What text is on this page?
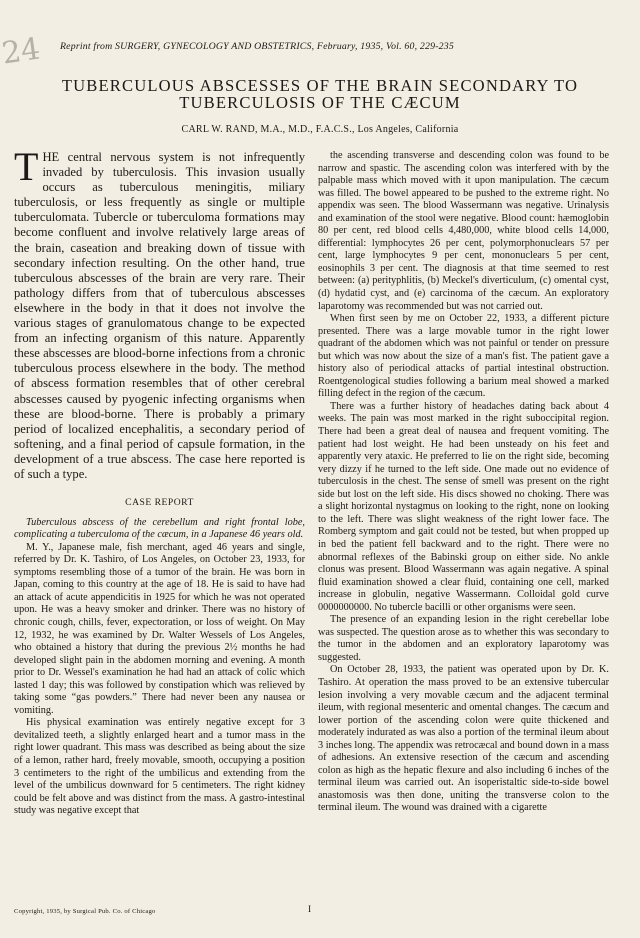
24 Reprint from SURGERY, GYNECOLOGY AND OBSTETRICS, February, 1935, Vol. 60, 229-235
TUBERCULOUS ABSCESSES OF THE BRAIN SECONDARY TO
TUBERCULOSIS OF THE CÆCUM
CARL W. RAND, M.A., M.D., F.A.C.S., Los Angeles, California

THE central nervous system is not infrequently invaded by tuberculosis. This invasion usually occurs as tuberculous meningitis, miliary tuberculosis, or less frequently as single or multiple tuberculomata. Tubercle or tuberculoma formations may become confluent and involve relatively large areas of the brain, caseation and breaking down of tissue with secondary infection resulting. On the other hand, true tuberculous abscesses of the brain are very rare. Their pathology differs from that of tuberculous abscesses elsewhere in the body in that it does not involve the various stages of granulomatous change to be expected from an infecting organism of this nature. Apparently these abscesses are blood-borne infections from a chronic tuberculous process elsewhere in the body. The method of abscess formation resembles that of other cerebral abscesses caused by pyogenic infecting organisms when these are blood-borne. There is probably a primary period of localized encephalitis, a secondary period of softening, and a final period of capsule formation, in the development of a true abscess. The case here reported is of such a type.

CASE REPORT

Tuberculous abscess of the cerebellum and right frontal lobe, complicating a tuberculoma of the cæcum, in a Japanese 46 years old.

M. Y., Japanese male, fish merchant, aged 46 years and single, referred by Dr. K. Tashiro, of Los Angeles, on October 23, 1933, for symptoms resembling those of a tumor of the brain. He was born in Japan, coming to this country at the age of 18. He is said to have had an attack of acute appendicitis in 1925 for which he was not operated upon. He was a heavy smoker and drinker. There was no history of chronic cough, chills, fever, expectoration, or loss of weight. On May 12, 1932, he was examined by Dr. Walter Wessels of Los Angeles, who obtained a history that during the previous 2½ months he had developed slight pain in the abdomen morning and evening. A month prior to Dr. Wessel's examination he had had an attack of colic which lasted 1 day; this was followed by constipation which was relieved by taking some “gas powders.” There had never been any nausea or vomiting.

His physical examination was entirely negative except for 3 devitalized teeth, a slightly enlarged heart and a tumor mass in the right lower quadrant. This mass was described as being about the size of a lemon, rather hard, freely movable, smooth, occupying a position 3 centimeters to the right of the umbilicus and extending from the level of the umbilicus downward for 5 centimeters. The right kidney could be felt above and was distinct from the mass. A gastro-intestinal study was negative except that

the ascending transverse and descending colon was found to be narrow and spastic. The ascending colon was interfered with by the palpable mass which moved with it upon manipulation. The cæcum was filled. The bowel appeared to be pushed to the extreme right. No appendix was seen. The blood Wassermann was negative. Urinalysis and examination of the stool were negative. Blood count: hæmoglobin 80 per cent, red blood cells 4,480,000, white blood cells 14,000, differential: lymphocytes 26 per cent, polymorphonuclears 57 per cent, large lymphocytes 9 per cent, mononuclears 5 per cent, eosinophils 3 per cent. The diagnosis at that time seemed to rest between: (a) perityphlitis, (b) Meckel's diverticulum, (c) omental cyst, (d) hydatid cyst, and (e) carcinoma of the cæcum. An exploratory laparotomy was recommended but was not carried out.

When first seen by me on October 22, 1933, a different picture presented. There was a large movable tumor in the right lower quadrant of the abdomen which was not painful or tender on pressure but which was now about the size of a man's fist. The patient gave a history also of periodical attacks of partial intestinal obstruction. Roentgenological studies following a barium meal showed a marked filling defect in the region of the cæcum.

There was a further history of headaches dating back about 4 weeks. The pain was most marked in the right suboccipital region. There had been a great deal of nausea and frequent vomiting. The patient had lost weight. He had been unsteady on his feet and apparently very ataxic. He preferred to lie on the right side, becoming very dizzy if he turned to the left side. One made out no evidence of tuberculosis in the chest. The sense of smell was present on the right side but lost on the left side. His discs showed no choking. There was a slight horizontal nystagmus on looking to the right, none on looking to the left. There was slight weakness of the right lower face. The Romberg symptom and gait could not be tested, but when propped up in bed the patient fell backward and to the right. There were no abnormal reflexes of the Babinski group on either side. No ankle clonus was present. Blood Wassermann was again negative. A spinal fluid examination showed a clear fluid, containing one cell, marked increase in globulin, negative Wassermann. Colloidal gold curve 0000000000. No tubercle bacilli or other organisms were seen.

The presence of an expanding lesion in the right cerebellar lobe was suspected. The question arose as to whether this was secondary to the tumor in the abdomen and an exploratory laparotomy was suggested.

On October 28, 1933, the patient was operated upon by Dr. K. Tashiro. At operation the mass proved to be an extensive tubercular lesion involving a very movable cæcum and the adjacent terminal ileum, with regional mesenteric and omental changes. The cæcum and lower portion of the ascending colon were quite thickened and moderately indurated as was also a portion of the terminal ileum about 3 inches long. The appendix was retrocæcal and bound down in a mass of adhesions. An extensive resection of the cæcum and ascending colon as high as the hepatic flexure and also including 6 inches of the terminal ileum was carried out. An isoperistaltic side-to-side bowel anastomosis was then done, uniting the transverse colon to the terminal ileum. The wound was drained with a cigarette

Copyright, 1935, by Surgical Pub. Co. of Chicago	I
